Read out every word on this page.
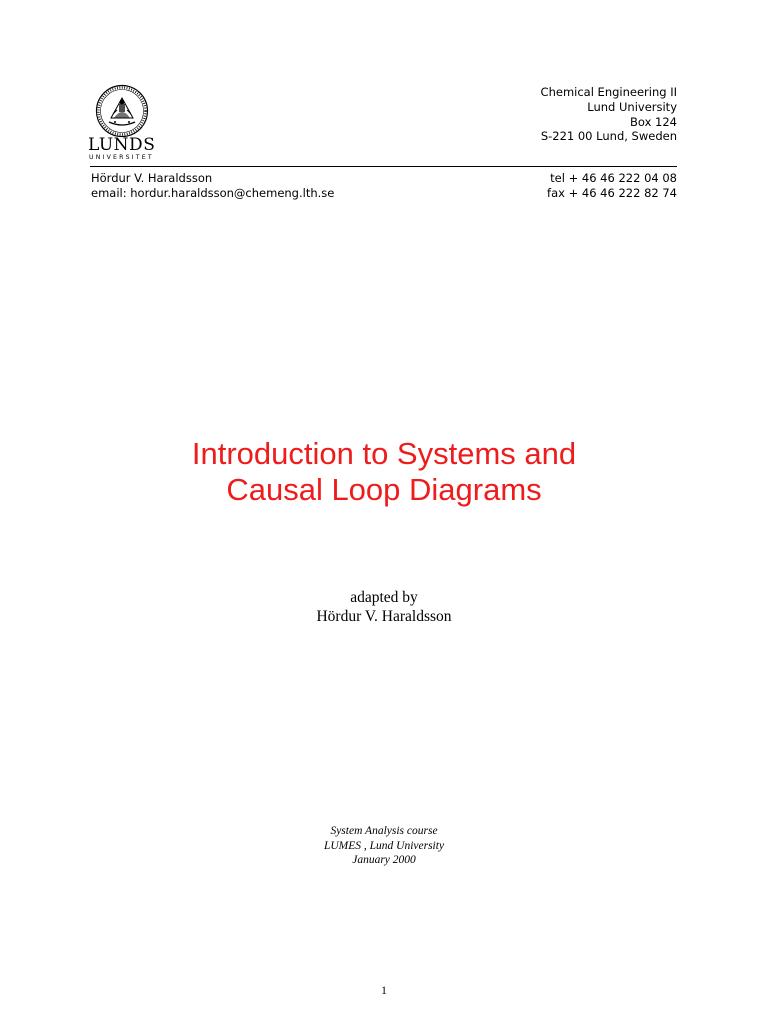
LUNDS
UNIVERSITET
Chemical Engineering II
Lund University
Box 124
S-221 00 Lund, Sweden
Hördur V. Haraldsson
email: hordur.haraldsson@chemeng.lth.se
tel + 46 46 222 04 08
fax + 46 46 222 82 74
Introduction to Systems and
Causal Loop Diagrams
adapted by
Hördur V. Haraldsson
System Analysis course
LUMES , Lund University
January 2000
1
